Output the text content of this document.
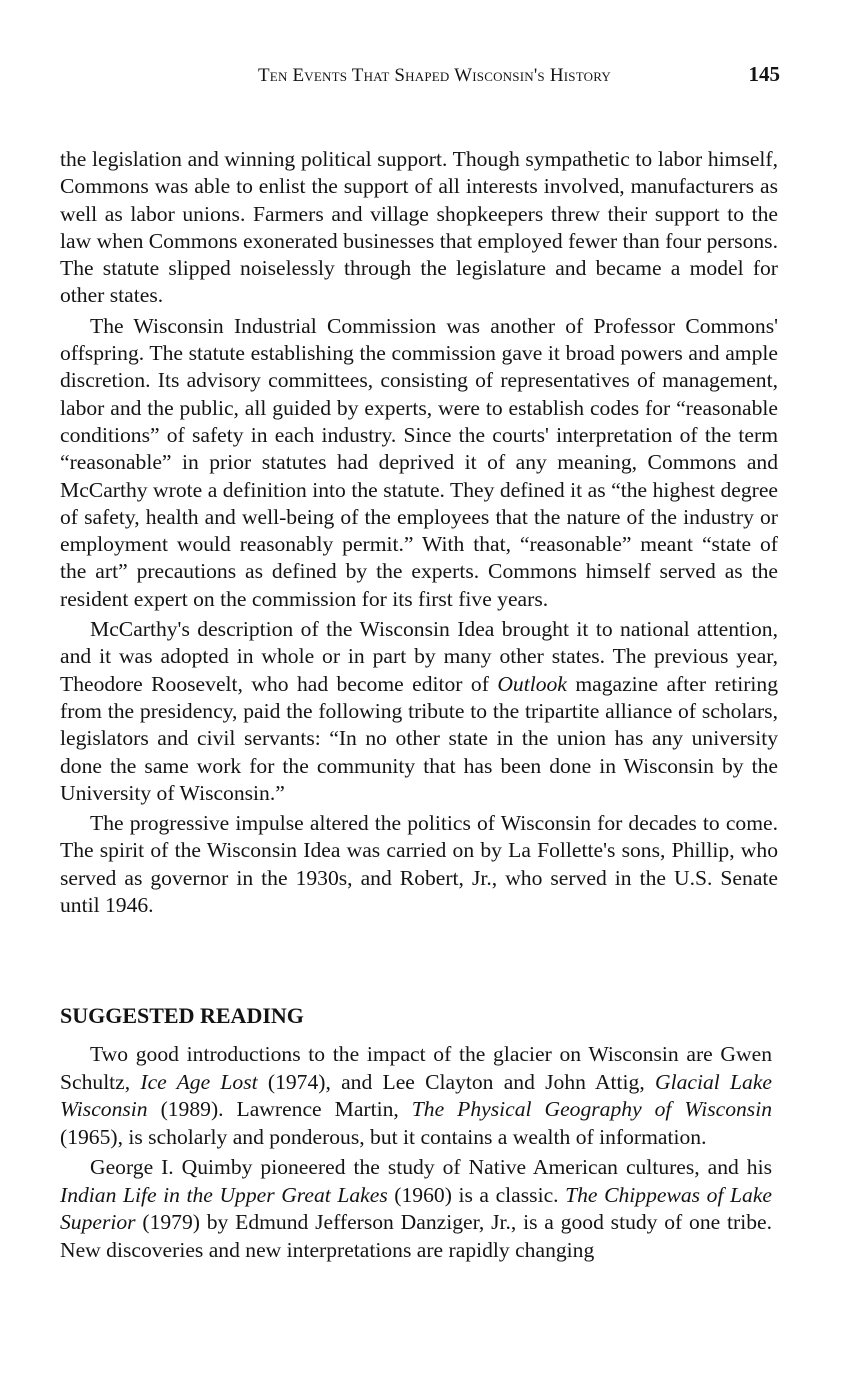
Ten Events That Shaped Wisconsin's History	145

the legislation and winning political support. Though sympathetic to labor himself, Commons was able to enlist the support of all interests involved, manufacturers as well as labor unions. Farmers and village shopkeepers threw their support to the law when Commons exonerated businesses that employed fewer than four persons. The statute slipped noiselessly through the legislature and became a model for other states.

The Wisconsin Industrial Commission was another of Professor Commons' offspring. The statute establishing the commission gave it broad powers and ample discretion. Its advisory committees, consisting of representatives of management, labor and the public, all guided by experts, were to establish codes for “reasonable conditions” of safety in each industry. Since the courts' interpretation of the term “reasonable” in prior statutes had deprived it of any meaning, Commons and McCarthy wrote a definition into the statute. They defined it as “the highest degree of safety, health and well-being of the employees that the nature of the industry or employment would reasonably permit.” With that, “reasonable” meant “state of the art” precautions as defined by the experts. Commons himself served as the resident expert on the commission for its first five years.

McCarthy's description of the Wisconsin Idea brought it to national attention, and it was adopted in whole or in part by many other states. The previous year, Theodore Roosevelt, who had become editor of Outlook magazine after retiring from the presidency, paid the following tribute to the tripartite alliance of scholars, legislators and civil servants: “In no other state in the union has any university done the same work for the community that has been done in Wisconsin by the University of Wisconsin.”

The progressive impulse altered the politics of Wisconsin for decades to come. The spirit of the Wisconsin Idea was carried on by La Follette's sons, Phillip, who served as governor in the 1930s, and Robert, Jr., who served in the U.S. Senate until 1946.

SUGGESTED READING

Two good introductions to the impact of the glacier on Wisconsin are Gwen Schultz, Ice Age Lost (1974), and Lee Clayton and John Attig, Glacial Lake Wisconsin (1989). Lawrence Martin, The Physical Geography of Wisconsin (1965), is scholarly and ponderous, but it contains a wealth of information.

George I. Quimby pioneered the study of Native American cultures, and his Indian Life in the Upper Great Lakes (1960) is a classic. The Chippewas of Lake Superior (1979) by Edmund Jefferson Danziger, Jr., is a good study of one tribe. New discoveries and new interpretations are rapidly changing
